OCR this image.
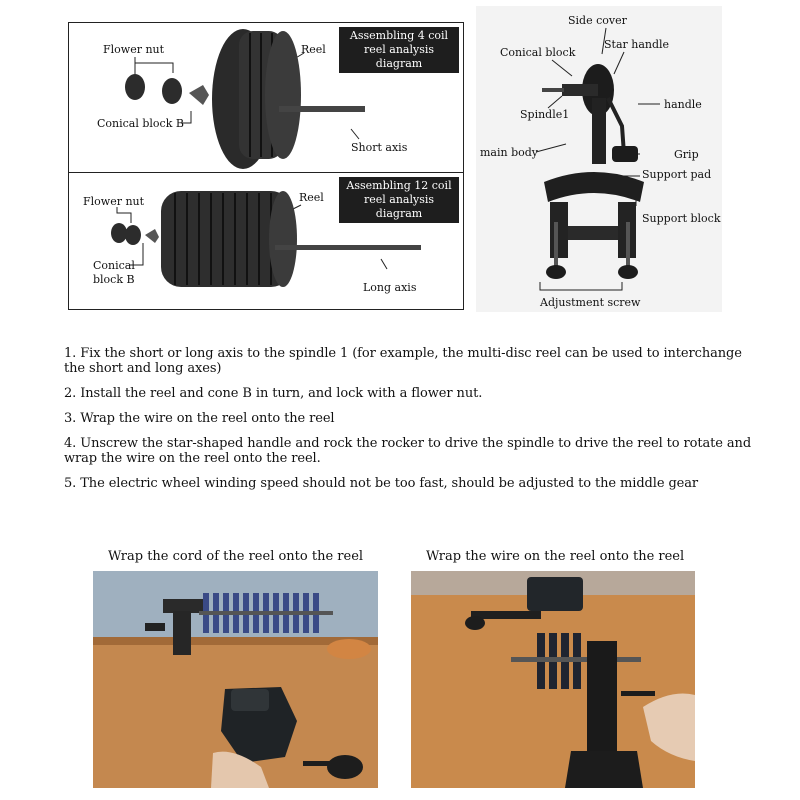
Assembling 4 coil
reel analysis diagram
Flower nut	Reel
Conical block B
Short axis
Assembling 12 coil
reel analysis diagram
Flower nut	Reel
Conical
block B
Long axis
Side cover
Conical block
Star handle
handle
Spindle1
main body	Grip
Support pad
Support block
Adjustment screw

1. Fix the short or long axis to the spindle 1 (for example, the multi-disc reel can be used to interchange the short and long axes)

2. Install the reel and cone B in turn, and lock with a flower nut.

3. Wrap the wire on the reel onto the reel

4. Unscrew the star-shaped handle and rock the rocker to drive the spindle to drive the reel to rotate and wrap the wire on the reel onto the reel.

5. The electric wheel winding speed should not be too fast, should be adjusted to the middle gear

Wrap the cord of the reel onto the reel	Wrap the wire on the reel onto the reel
